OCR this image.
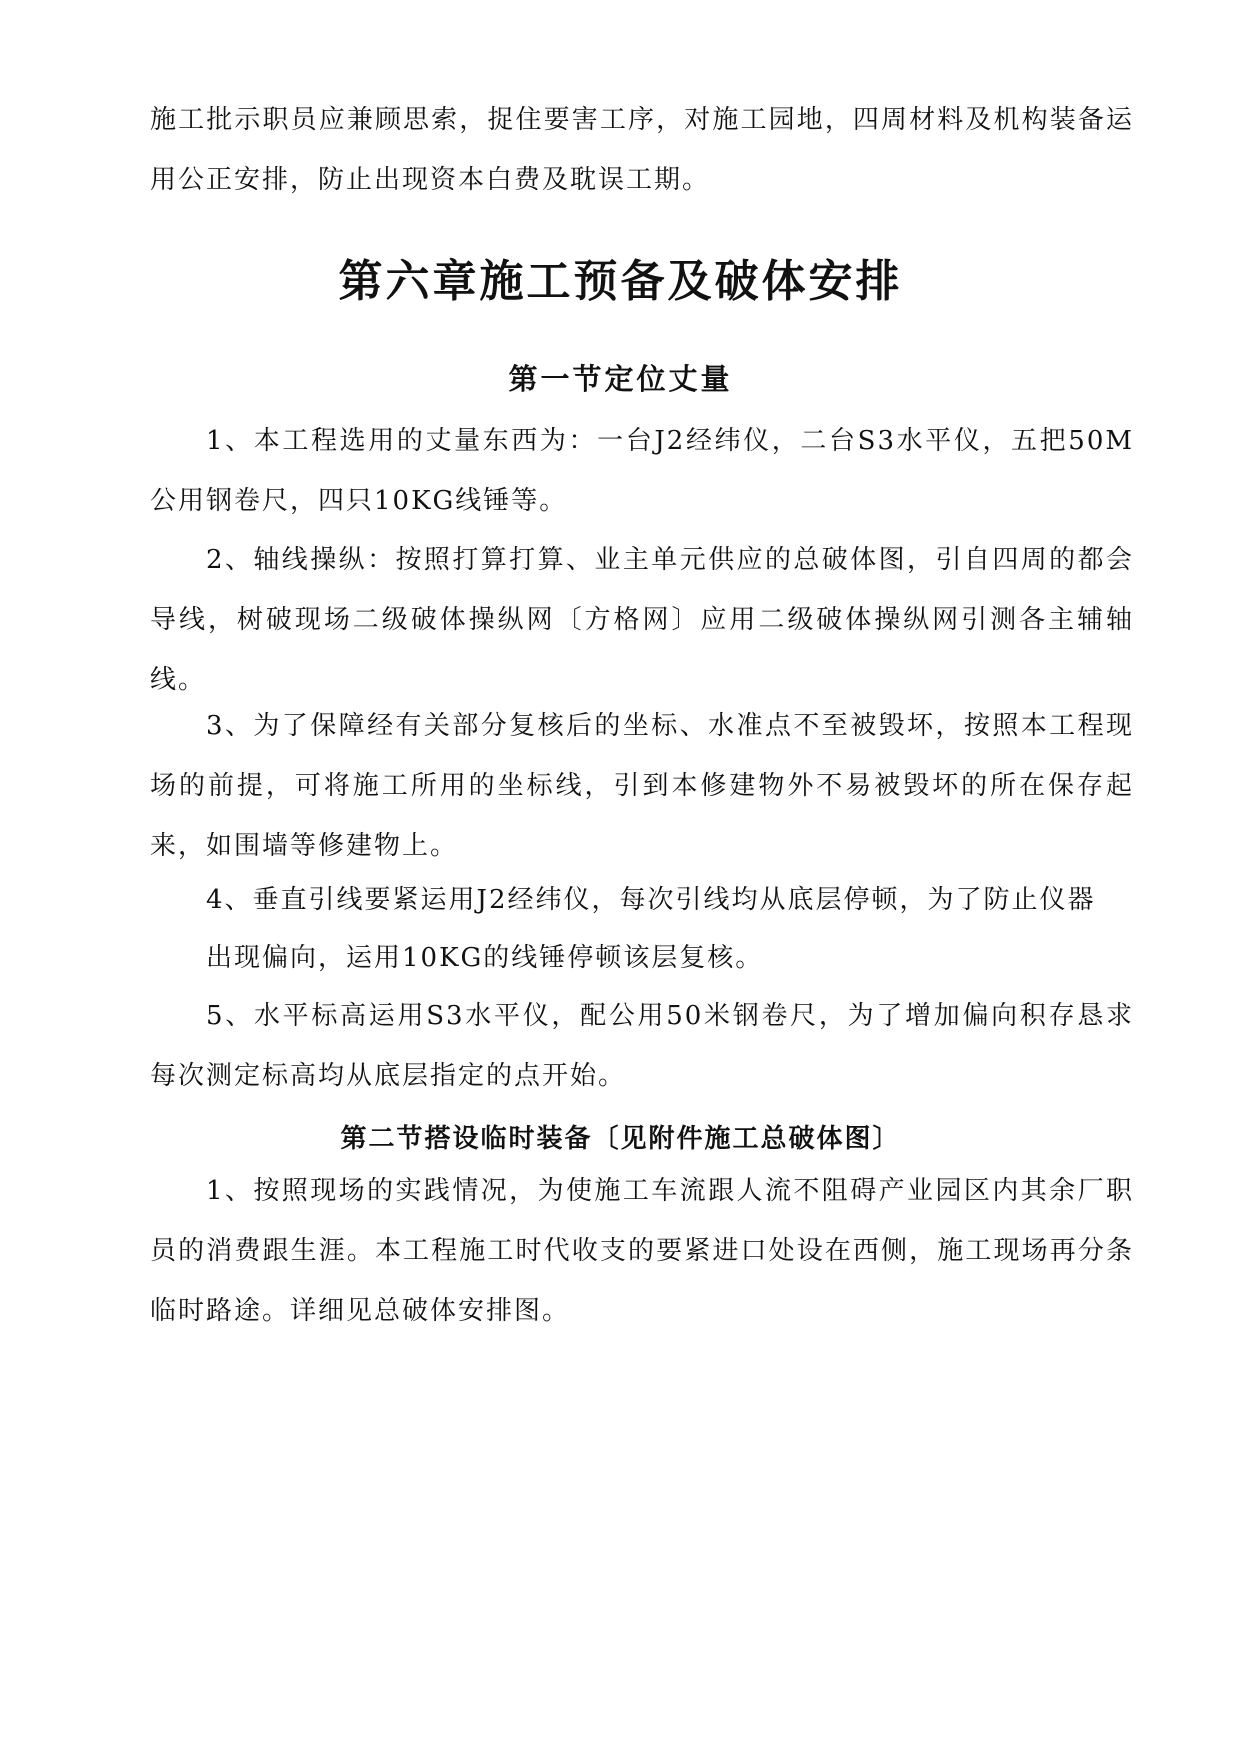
施工批示职员应兼顾思索，捉住要害工序，对施工园地，四周材料及机构装备运用公正安排，防止出现资本白费及耽误工期。

第六章施工预备及破体安排
第一节定位丈量

1、本工程选用的丈量东西为：一台J2经纬仪，二台S3水平仪，五把50M公用钢卷尺，四只10KG线锤等。

2、轴线操纵：按照打算打算、业主单元供应的总破体图，引自四周的都会导线，树破现场二级破体操纵网〔方格网〕应用二级破体操纵网引测各主辅轴线。

3、为了保障经有关部分复核后的坐标、水准点不至被毁坏，按照本工程现场的前提，可将施工所用的坐标线，引到本修建物外不易被毁坏的所在保存起来，如围墙等修建物上。

4、垂直引线要紧运用J2经纬仪，每次引线均从底层停顿，为了防止仪器

出现偏向，运用10KG的线锤停顿该层复核。

5、水平标高运用S3水平仪，配公用50米钢卷尺，为了增加偏向积存恳求每次测定标高均从底层指定的点开始。

第二节搭设临时装备〔见附件施工总破体图〕

1、按照现场的实践情况，为使施工车流跟人流不阻碍产业园区内其余厂职员的消费跟生涯。本工程施工时代收支的要紧进口处设在西侧，施工现场再分条临时路途。详细见总破体安排图。
